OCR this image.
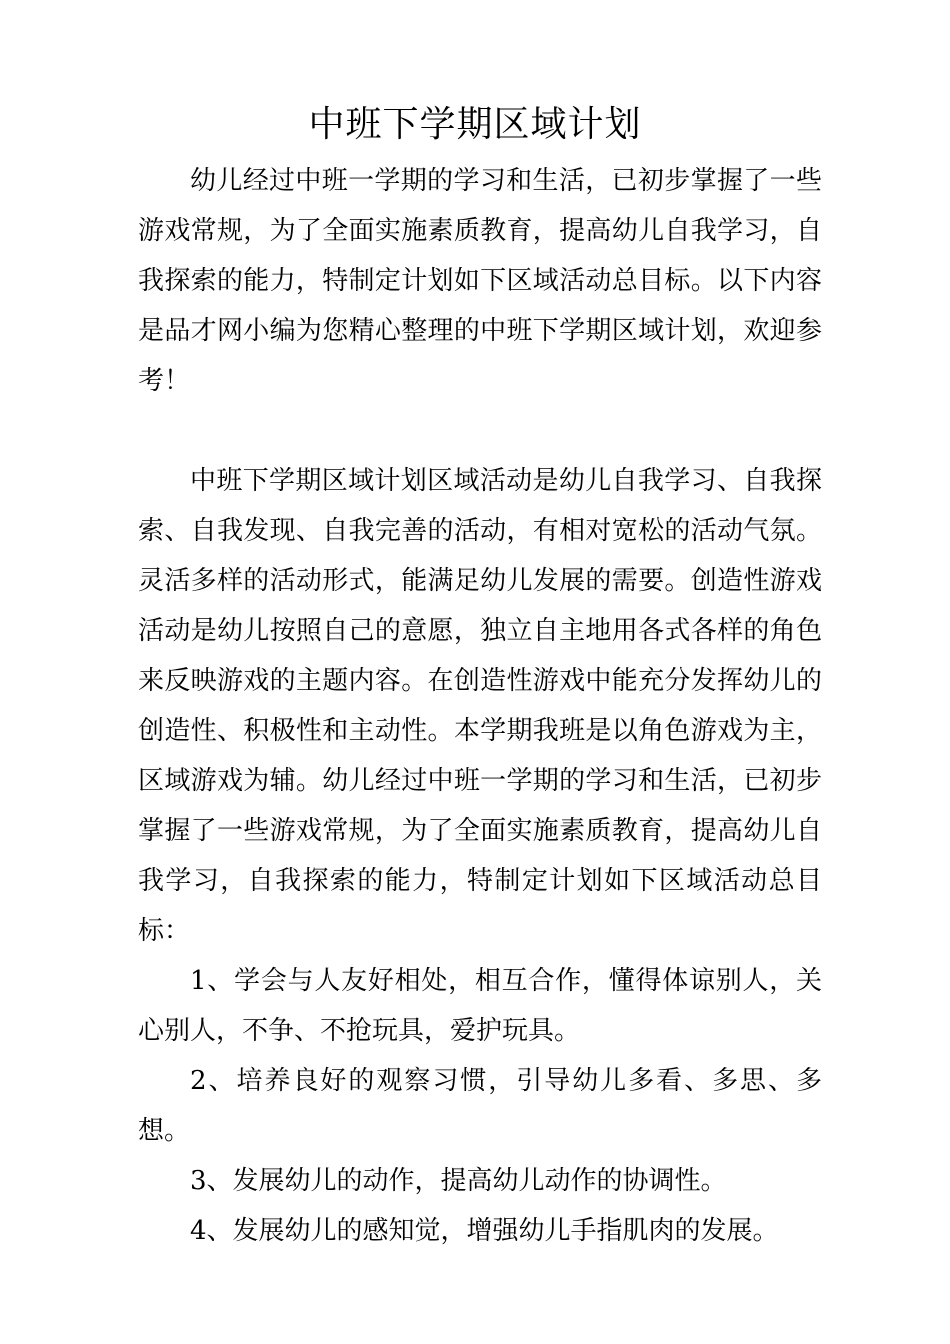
中班下学期区域计划

幼儿经过中班一学期的学习和生活，已初步掌握了一些游戏常规，为了全面实施素质教育，提高幼儿自我学习，自我探索的能力，特制定计划如下区域活动总目标。以下内容是品才网小编为您精心整理的中班下学期区域计划，欢迎参考！

中班下学期区域计划区域活动是幼儿自我学习、自我探索、自我发现、自我完善的活动，有相对宽松的活动气氛。灵活多样的活动形式，能满足幼儿发展的需要。创造性游戏活动是幼儿按照自己的意愿，独立自主地用各式各样的角色来反映游戏的主题内容。在创造性游戏中能充分发挥幼儿的创造性、积极性和主动性。本学期我班是以角色游戏为主，区域游戏为辅。幼儿经过中班一学期的学习和生活，已初步掌握了一些游戏常规，为了全面实施素质教育，提高幼儿自我学习，自我探索的能力，特制定计划如下区域活动总目标：

1、学会与人友好相处，相互合作，懂得体谅别人，关心别人，不争、不抢玩具，爱护玩具。

2、培养良好的观察习惯，引导幼儿多看、多思、多想。

3、发展幼儿的动作，提高幼儿动作的协调性。

4、发展幼儿的感知觉，增强幼儿手指肌肉的发展。
